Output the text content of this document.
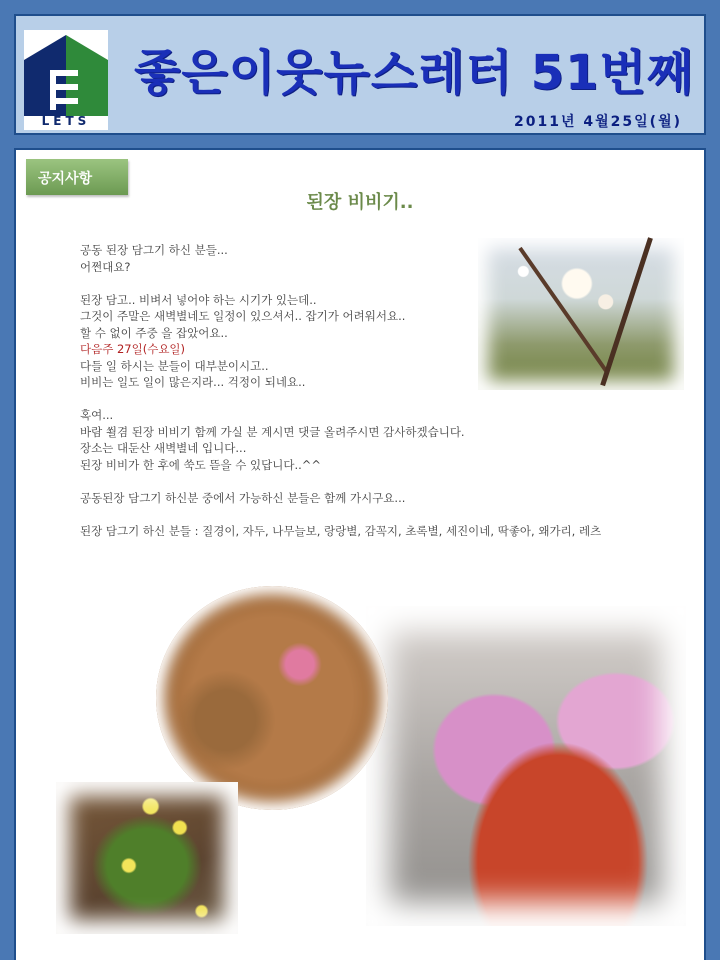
LETS
좋은이웃뉴스레터 51번째
2011년 4월25일(월)
공지사항
된장 비비기..

공동 된장 담그기 하신 분들...

어쩐대요?

된장 담고.. 비벼서 넣어야 하는 시기가 있는데..

그것이 주말은 새벽별네도 일정이 있으셔서.. 잡기가 어려워서요..

할 수 없이 주중 을 잡았어요..

다음주 27일(수요일)

다들 일 하시는 분들이 대부분이시고..

비비는 일도 일이 많은지라... 걱정이 되네요..

혹여...

바람 쐴겸 된장 비비기 함께 가실 분 계시면 댓글 올려주시면 감사하겠습니다.

장소는 대둔산 새벽별네 입니다...

된장 비비가 한 후에 쑥도 뜯을 수 있답니다..^^

공동된장 담그기 하신분 중에서 가능하신 분들은 함께 가시구요...

된장 담그기 하신 분들 : 질경이, 자두, 나무늘보, 랑랑별, 감꼭지, 초록별, 세진이네, 딱좋아, 왜가리, 레츠
